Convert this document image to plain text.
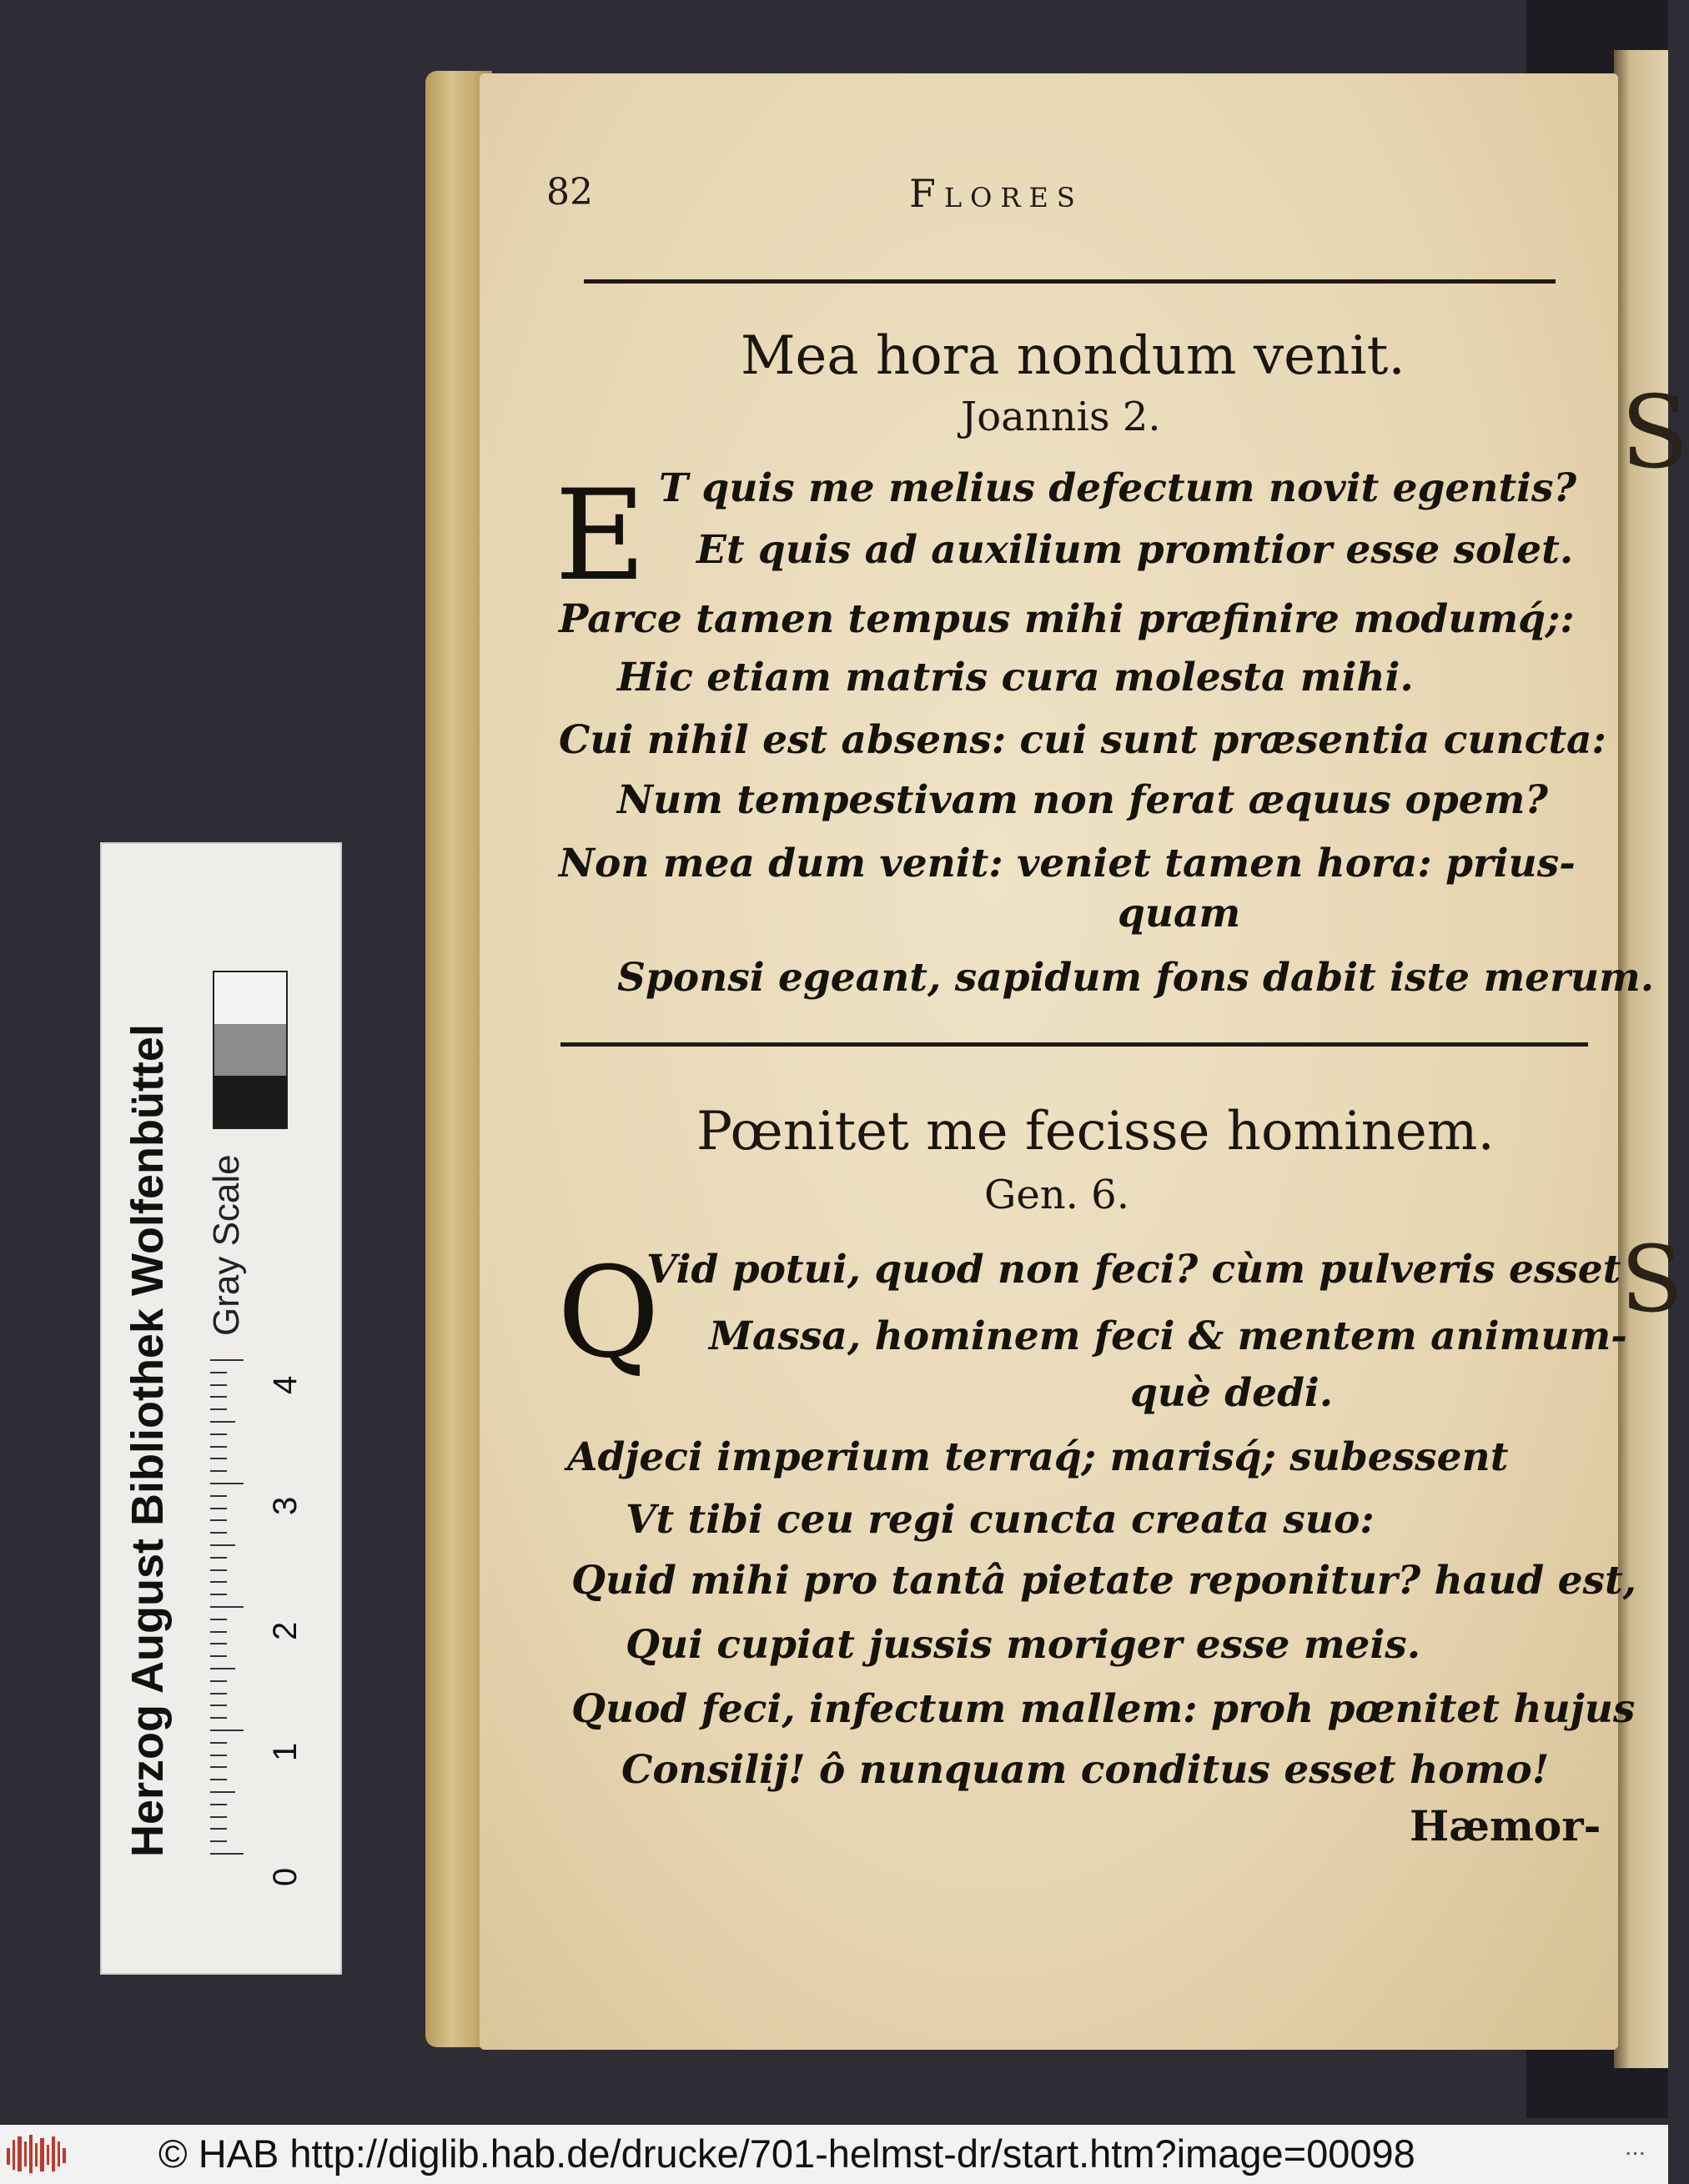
Herzog August Bibliothek Wolfenbüttel Gray Scale
0
1
2
3
4
S
S
82	Flores
Mea hora nondum venit.
Joannis 2.
E T quis me melius defectum novit egentis?
Et quis ad auxilium promtior esse solet.
Parce tamen tempus mihi præfinire modumq́;:
Hic etiam matris cura molesta mihi.
Cui nihil est absens: cui sunt præsentia cuncta:
Num tempestivam non ferat æquus opem?
Non mea dum venit: veniet tamen hora: prius-
quam
Sponsi egeant, sapidum fons dabit iste merum.
Pœnitet me fecisse hominem.
Gen. 6.
Q
Vid potui, quod non feci? cùm pulveris esset
Massa, hominem feci & mentem animum-
què dedi.
Adjeci imperium terraq́; marisq́; subessent
Vt tibi ceu regi cuncta creata suo:
Quid mihi pro tantâ pietate reponitur? haud est,
Qui cupiat jussis moriger esse meis.
Quod feci, infectum mallem: proh pœnitet hujus
Consilij! ô nunquam conditus esset homo!
Hæmor-
© HAB http://diglib.hab.de/drucke/701-helmst-dr/start.htm?image=00098	...
